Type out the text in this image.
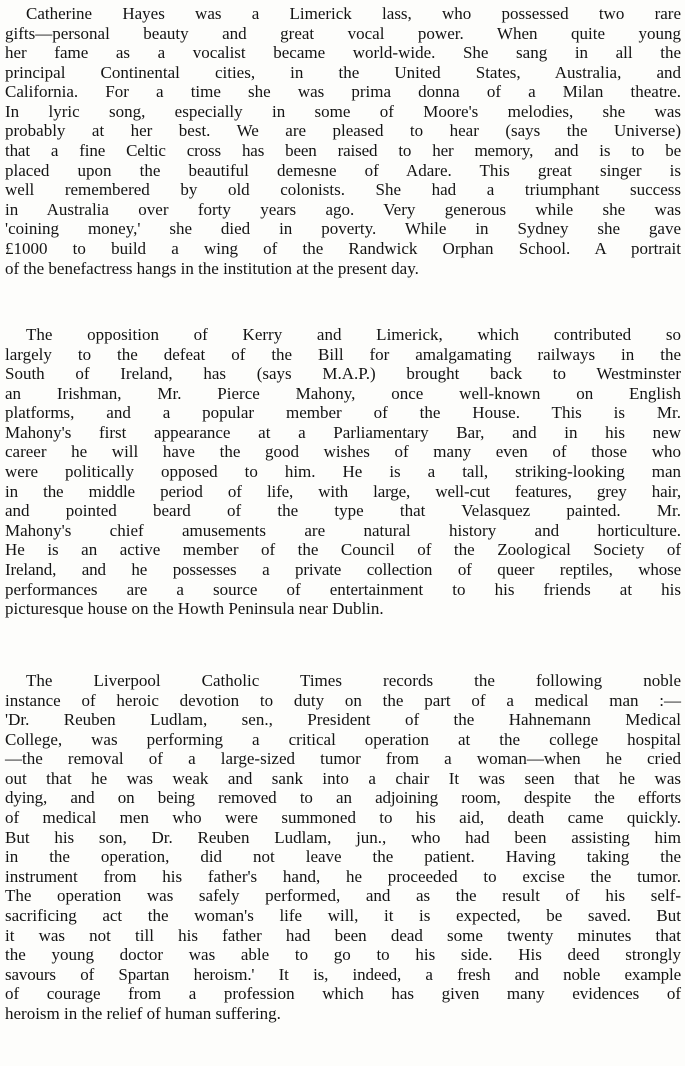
Catherine Hayes was a Limerick lass, who possessed two rare
gifts—personal beauty and great vocal power. When quite young
her fame as a vocalist became world-wide. She sang in all the
principal Continental cities, in the United States, Australia, and
California. For a time she was prima donna of a Milan theatre.
In lyric song, especially in some of Moore's melodies, she was
probably at her best. We are pleased to hear (says the Universe)
that a fine Celtic cross has been raised to her memory, and is to be
placed upon the beautiful demesne of Adare. This great singer is
well remembered by old colonists. She had a triumphant success
in Australia over forty years ago. Very generous while she was
'coining money,' she died in poverty. While in Sydney she gave
£1000 to build a wing of the Randwick Orphan School. A portrait
of the benefactress hangs in the institution at the present day.
The opposition of Kerry and Limerick, which contributed so
largely to the defeat of the Bill for amalgamating railways in the
South of Ireland, has (says M.A.P.) brought back to Westminster
an Irishman, Mr. Pierce Mahony, once well-known on English
platforms, and a popular member of the House. This is Mr.
Mahony's first appearance at a Parliamentary Bar, and in his new
career he will have the good wishes of many even of those who
were politically opposed to him. He is a tall, striking-looking man
in the middle period of life, with large, well-cut features, grey hair,
and pointed beard of the type that Velasquez painted. Mr.
Mahony's chief amusements are natural history and horticulture.
He is an active member of the Council of the Zoological Society of
Ireland, and he possesses a private collection of queer reptiles, whose
performances are a source of entertainment to his friends at his
picturesque house on the Howth Peninsula near Dublin.
The Liverpool Catholic Times records the following noble
instance of heroic devotion to duty on the part of a medical man :—
'Dr. Reuben Ludlam, sen., President of the Hahnemann Medical
College, was performing a critical operation at the college hospital
—the removal of a large-sized tumor from a woman—when he cried
out that he was weak and sank into a chair It was seen that he was
dying, and on being removed to an adjoining room, despite the efforts
of medical men who were summoned to his aid, death came quickly.
But his son, Dr. Reuben Ludlam, jun., who had been assisting him
in the operation, did not leave the patient. Having taking the
instrument from his father's hand, he proceeded to excise the tumor.
The operation was safely performed, and as the result of his self-
sacrificing act the woman's life will, it is expected, be saved. But
it was not till his father had been dead some twenty minutes that
the young doctor was able to go to his side. His deed strongly
savours of Spartan heroism.' It is, indeed, a fresh and noble example
of courage from a profession which has given many evidences of
heroism in the relief of human suffering.
